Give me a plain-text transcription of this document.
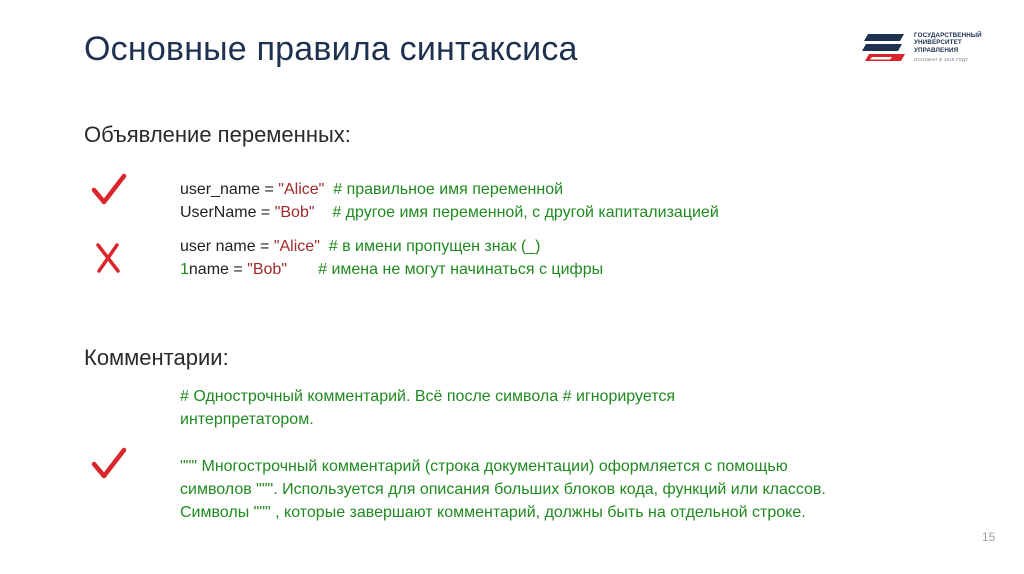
Основные правила синтаксиса	ГОСУДАРСТВЕННЫЙ
УНИВЕРСИТЕТ
УПРАВЛЕНИЯ
ОСНОВАН В 1919 ГОДУ
Объявление переменных:
user_name = "Alice"  # правильное имя переменной
UserName = "Bob"    # другое имя переменной, с другой капитализацией
user name = "Alice"  # в имени пропущен знак (_)
1name = "Bob"       # имена не могут начинаться с цифры
Комментарии:
# Однострочный комментарий. Всё после символа # игнорируется интерпретатором.
""" Многострочный комментарий (строка документации) оформляется с помощью символов """. Используется для описания больших блоков кода, функций или классов. Символы """ , которые завершают комментарий, должны быть на отдельной строке.
15
